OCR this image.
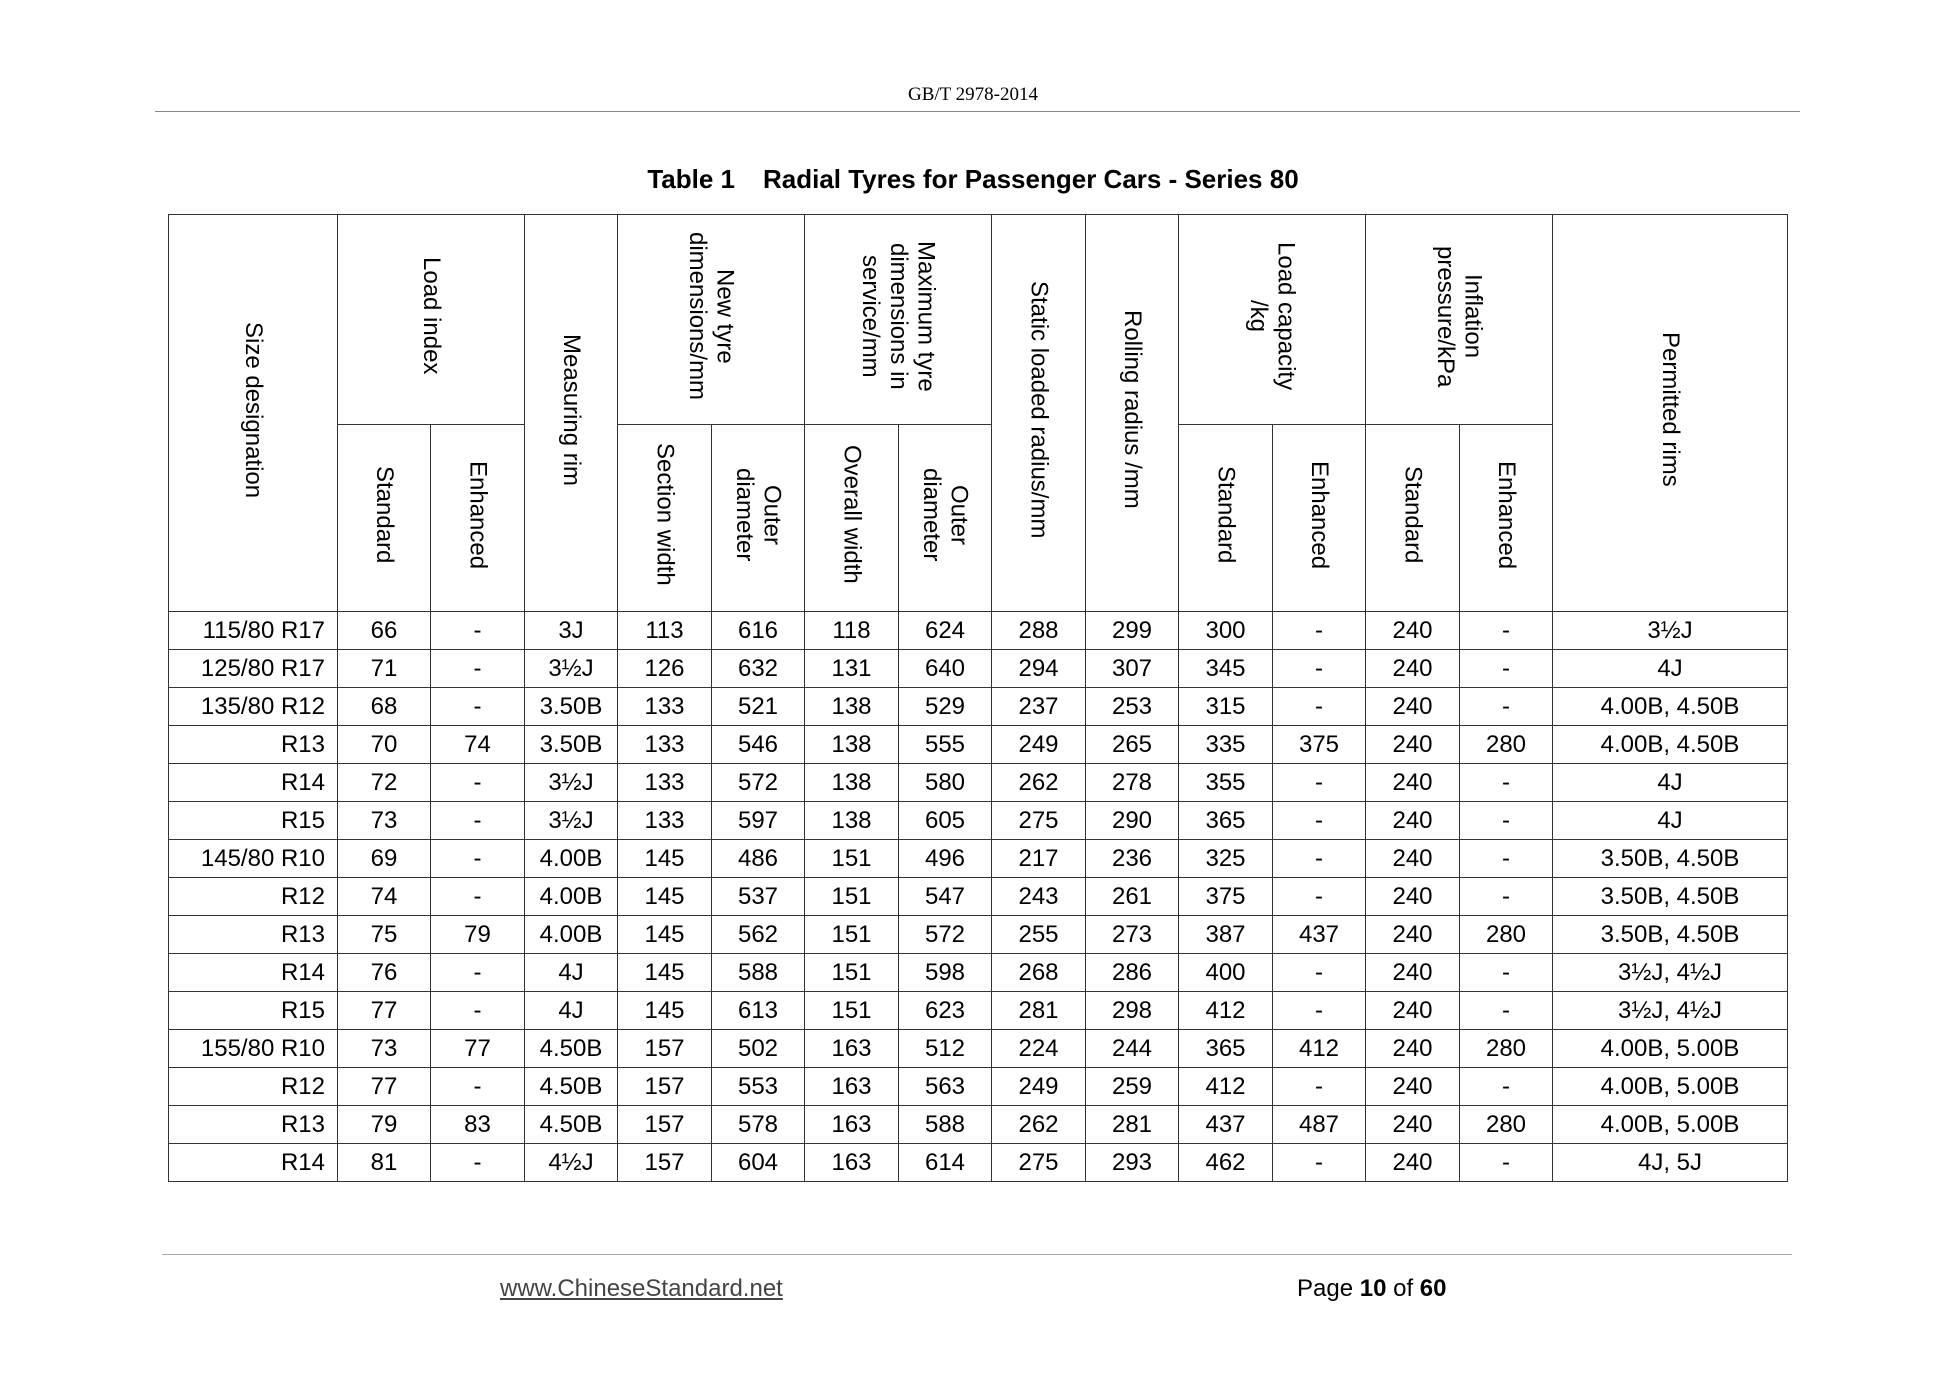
GB/T 2978-2014
Table 1 Radial Tyres for Passenger Cars - Series 80
Size designation	Load index		Measuring rim	New tyre dimensions/mm		Maximum tyre dimensions in service/mm		Static loaded radius/mm	Rolling radius /mm	Load capacity /kg		Inflation pressure/kPa		Permitted rims
	Standard	Enhanced		Section width	Outer diameter	Overall width	Outer diameter			Standard	Enhanced	Standard	Enhanced	
115/80 R17	66	-	3J	113	616	118	624	288	299	300	-	240	-	3½J
125/80 R17	71	-	3½J	126	632	131	640	294	307	345	-	240	-	4J
135/80 R12	68	-	3.50B	133	521	138	529	237	253	315	-	240	-	4.00B, 4.50B
R13	70	74	3.50B	133	546	138	555	249	265	335	375	240	280	4.00B, 4.50B
R14	72	-	3½J	133	572	138	580	262	278	355	-	240	-	4J
R15	73	-	3½J	133	597	138	605	275	290	365	-	240	-	4J
145/80 R10	69	-	4.00B	145	486	151	496	217	236	325	-	240	-	3.50B, 4.50B
R12	74	-	4.00B	145	537	151	547	243	261	375	-	240	-	3.50B, 4.50B
R13	75	79	4.00B	145	562	151	572	255	273	387	437	240	280	3.50B, 4.50B
R14	76	-	4J	145	588	151	598	268	286	400	-	240	-	3½J, 4½J
R15	77	-	4J	145	613	151	623	281	298	412	-	240	-	3½J, 4½J
155/80 R10	73	77	4.50B	157	502	163	512	224	244	365	412	240	280	4.00B, 5.00B
R12	77	-	4.50B	157	553	163	563	249	259	412	-	240	-	4.00B, 5.00B
R13	79	83	4.50B	157	578	163	588	262	281	437	487	240	280	4.00B, 5.00B
R14	81	-	4½J	157	604	163	614	275	293	462	-	240	-	4J, 5J
www.ChineseStandard.net	Page 10 of 60
